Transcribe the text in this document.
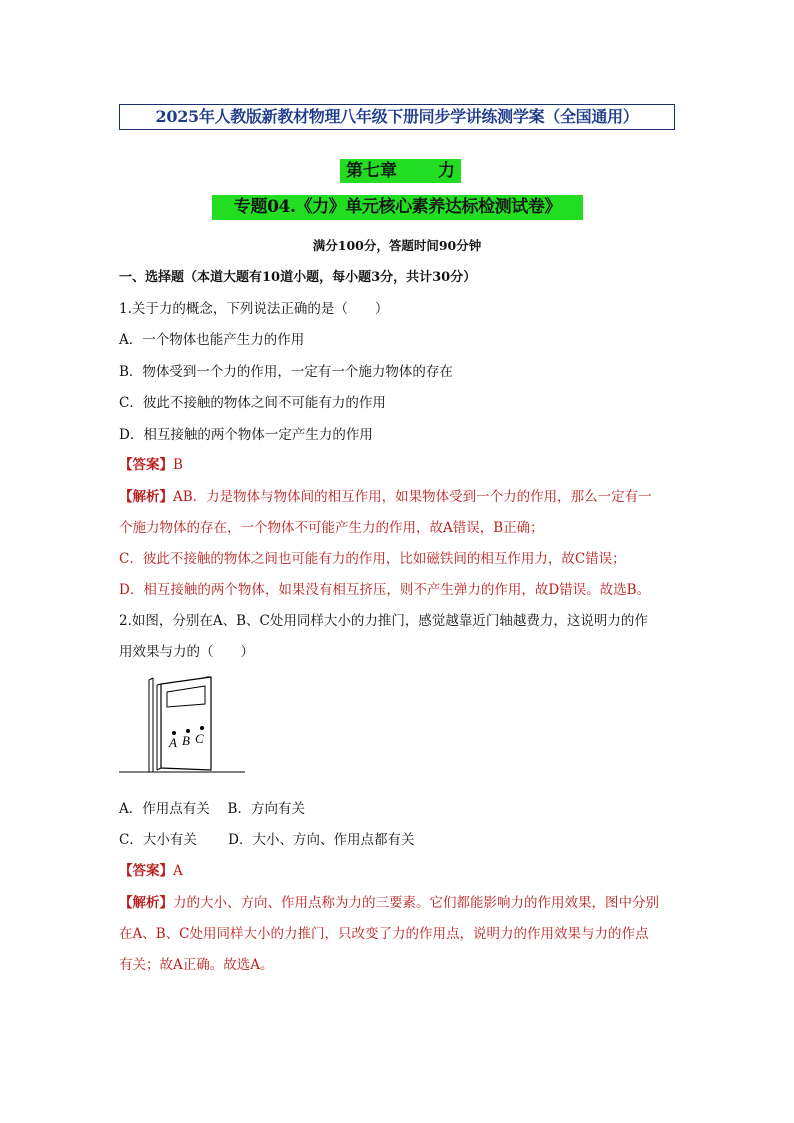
2025年人教版新教材物理八年级下册同步学讲练测学案（全国通用）
第七章 力
专题04.《力》单元核心素养达标检测试卷》
满分100分，答题时间90分钟
一、选择题（本道大题有10道小题，每小题3分，共计30分）
1.关于力的概念，下列说法正确的是（　　）
A．一个物体也能产生力的作用
B．物体受到一个力的作用，一定有一个施力物体的存在
C．彼此不接触的物体之间不可能有力的作用
D．相互接触的两个物体一定产生力的作用
【答案】B
【解析】AB．力是物体与物体间的相互作用，如果物体受到一个力的作用，那么一定有一
个施力物体的存在，一个物体不可能产生力的作用，故A错误，B正确；
C．彼此不接触的物体之间也可能有力的作用，比如磁铁间的相互作用力，故C错误；
D．相互接触的两个物体，如果没有相互挤压，则不产生弹力的作用，故D错误。故选B。
2.如图，分别在A、B、C处用同样大小的力推门，感觉越靠近门轴越费力，这说明力的作
用效果与力的（　　）
A B C
A．作用点有关　 B．方向有关
C．大小有关　　 D．大小、方向、作用点都有关
【答案】A
【解析】力的大小、方向、作用点称为力的三要素。它们都能影响力的作用效果，图中分别
在A、B、C处用同样大小的力推门，只改变了力的作用点，说明力的作用效果与力的作点
有关；故A正确。故选A。
